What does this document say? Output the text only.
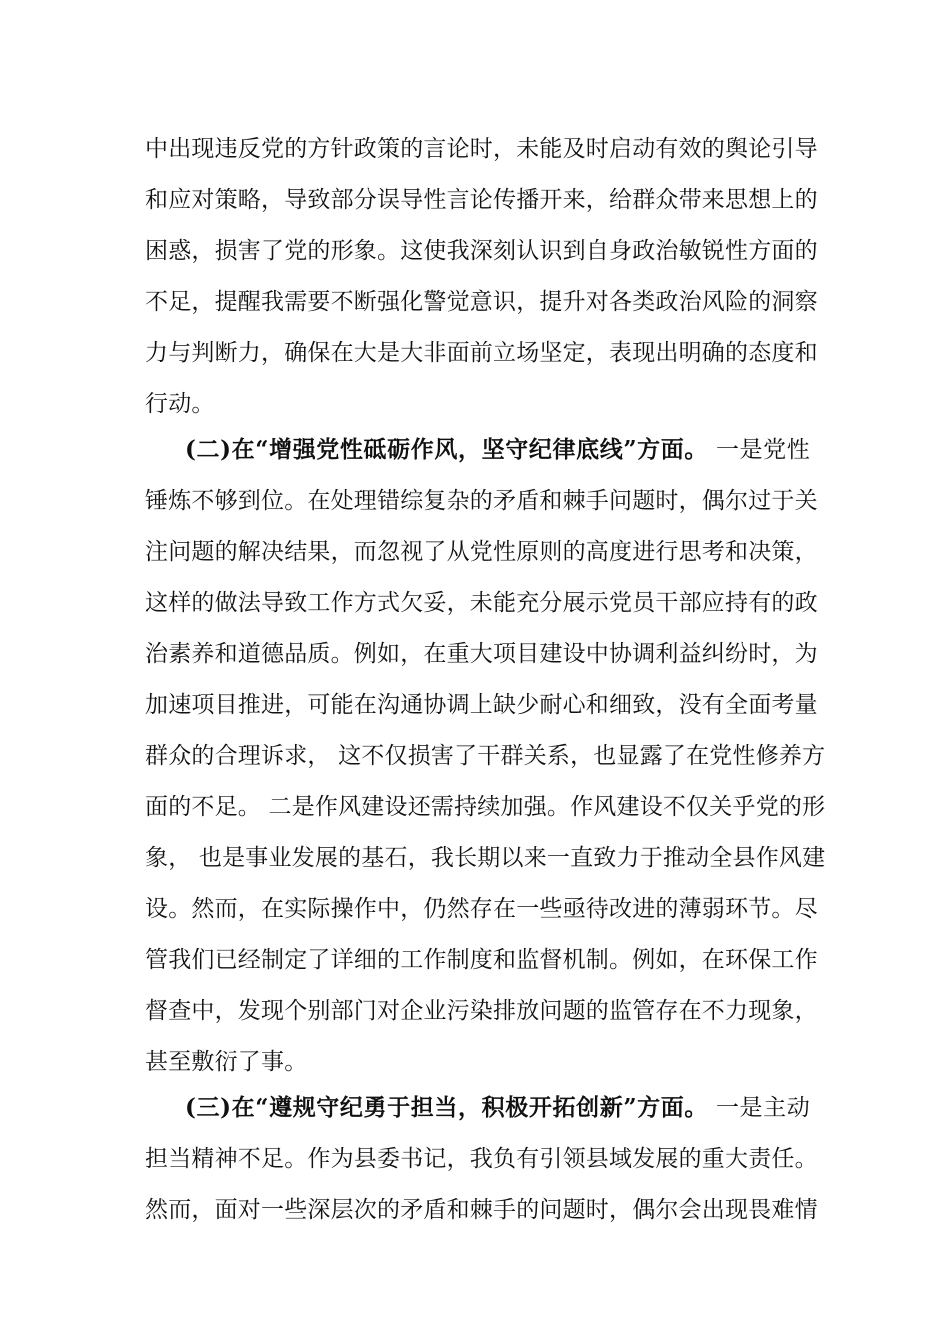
中出现违反党的方针政策的言论时，未能及时启动有效的舆论引导
和应对策略，导致部分误导性言论传播开来，给群众带来思想上的
困惑，损害了党的形象。这使我深刻认识到自身政治敏锐性方面的
不足，提醒我需要不断强化警觉意识，提升对各类政治风险的洞察
力与判断力，确保在大是大非面前立场坚定，表现出明确的态度和
行动。
(二)在“增强党性砥砺作风，坚守纪律底线”方面。 一是党性
锤炼不够到位。在处理错综复杂的矛盾和棘手问题时，偶尔过于关
注问题的解决结果，而忽视了从党性原则的高度进行思考和决策，
这样的做法导致工作方式欠妥，未能充分展示党员干部应持有的政
治素养和道德品质。例如，在重大项目建设中协调利益纠纷时，为
加速项目推进，可能在沟通协调上缺少耐心和细致，没有全面考量
群众的合理诉求， 这不仅损害了干群关系，也显露了在党性修养方
面的不足。 二是作风建设还需持续加强。作风建设不仅关乎党的形
象， 也是事业发展的基石，我长期以来一直致力于推动全县作风建
设。然而，在实际操作中，仍然存在一些亟待改进的薄弱环节。尽
管我们已经制定了详细的工作制度和监督机制。例如，在环保工作
督查中，发现个别部门对企业污染排放问题的监管存在不力现象，
甚至敷衍了事。
(三)在“遵规守纪勇于担当，积极开拓创新”方面。 一是主动
担当精神不足。作为县委书记，我负有引领县域发展的重大责任。
然而，面对一些深层次的矛盾和棘手的问题时，偶尔会出现畏难情
